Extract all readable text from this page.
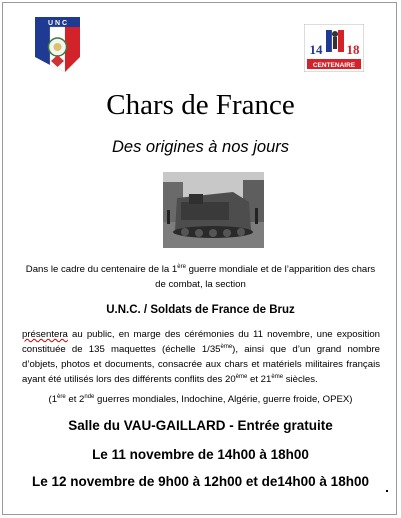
U N C
14 18
CENTENAIRE
Chars de France
Des origines à nos jours
Dans le cadre du centenaire de la 1ère guerre mondiale et de l’apparition des chars de combat, la section
U.N.C. / Soldats de France de Bruz
présentera au public, en marge des cérémonies du 11 novembre, une exposition constituée de 135 maquettes (échelle 1/35ème), ainsi que d’un grand nombre d’objets, photos et documents, consacrée aux chars et matériels militaires français ayant été utilisés lors des différents conflits des 20ème et 21ème siècles.
(1ère et 2nde guerres mondiales, Indochine, Algérie, guerre froide, OPEX)
Salle du VAU-GAILLARD - Entrée gratuite
Le 11 novembre de 14h00 à 18h00
Le 12 novembre de 9h00 à 12h00 et de14h00 à 18h00
